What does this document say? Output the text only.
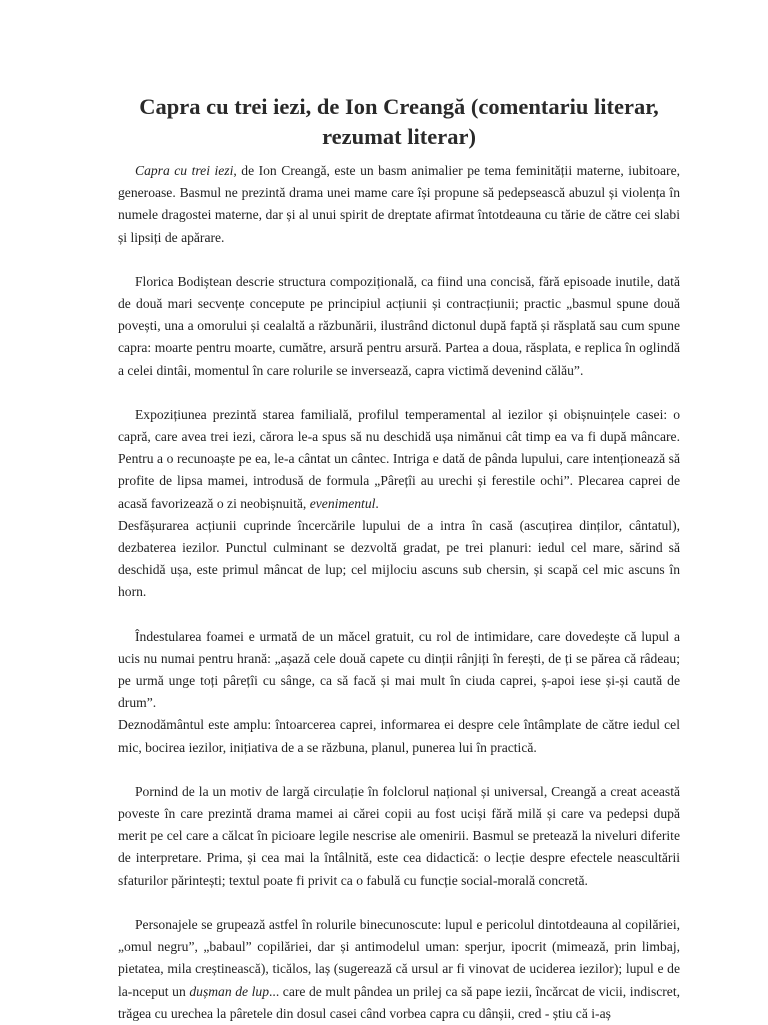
Capra cu trei iezi, de Ion Creangă (comentariu literar, rezumat literar)

Capra cu trei iezi, de Ion Creangă, este un basm animalier pe tema feminității materne, iubitoare, generoase. Basmul ne prezintă drama unei mame care își propune să pedepsească abuzul și violența în numele dragostei materne, dar și al unui spirit de dreptate afirmat întotdeauna cu tărie de către cei slabi și lipsiți de apărare.

Florica Bodiștean descrie structura compozițională, ca fiind una concisă, fără episoade inutile, dată de două mari secvențe concepute pe principiul acțiunii și contracțiunii; practic „basmul spune două povești, una a omorului și cealaltă a răzbunării, ilustrând dictonul după faptă și răsplată sau cum spune capra: moarte pentru moarte, cumătre, arsură pentru arsură. Partea a doua, răsplata, e replica în oglindă a celei dintâi, momentul în care rolurile se inversează, capra victimă devenind călău”.

Expozițiunea prezintă starea familială, profilul temperamental al iezilor și obișnuințele casei: o capră, care avea trei iezi, cărora le-a spus să nu deschidă ușa nimănui cât timp ea va fi după mâncare. Pentru a o recunoaște pe ea, le-a cântat un cântec. Intriga e dată de pânda lupului, care intenționează să profite de lipsa mamei, introdusă de formula „Pârețîi au urechi și ferestile ochi”. Plecarea caprei de acasă favorizează o zi neobișnuită, evenimentul.

Desfășurarea acțiunii cuprinde încercările lupului de a intra în casă (ascuțirea dinților, cântatul), dezbaterea iezilor. Punctul culminant se dezvoltă gradat, pe trei planuri: iedul cel mare, sărind să deschidă ușa, este primul mâncat de lup; cel mijlociu ascuns sub chersin, și scapă cel mic ascuns în horn.

Îndestularea foamei e urmată de un măcel gratuit, cu rol de intimidare, care dovedește că lupul a ucis nu numai pentru hrană: „așază cele două capete cu dinții rânjiți în ferești, de ți se părea că râdeau; pe urmă unge toți pârețîi cu sânge, ca să facă și mai mult în ciuda caprei, ș-apoi iese și-și caută de drum”.

Deznodământul este amplu: întoarcerea caprei, informarea ei despre cele întâmplate de către iedul cel mic, bocirea iezilor, inițiativa de a se răzbuna, planul, punerea lui în practică.

Pornind de la un motiv de largă circulație în folclorul național și universal, Creangă a creat această poveste în care prezintă drama mamei ai cărei copii au fost uciși fără milă și care va pedepsi după merit pe cel care a călcat în picioare legile nescrise ale omenirii. Basmul se pretează la niveluri diferite de interpretare. Prima, și cea mai la întâlnită, este cea didactică: o lecție despre efectele neascultării sfaturilor părintești; textul poate fi privit ca o fabulă cu funcție social-morală concretă.

Personajele se grupează astfel în rolurile binecunoscute: lupul e pericolul dintotdeauna al copilăriei, „omul negru”, „babaul” copilăriei, dar și antimodelul uman: sperjur, ipocrit (mimează, prin limbaj, pietatea, mila creștinească), ticălos, laș (sugerează că ursul ar fi vinovat de uciderea iezilor); lupul e de la-nceput un dușman de lup... care de mult pândea un prilej ca să pape iezii, încărcat de vicii, indiscret, trăgea cu urechea la pâretele din dosul casei când vorbea capra cu dânșii, cred - știu că i-aș
